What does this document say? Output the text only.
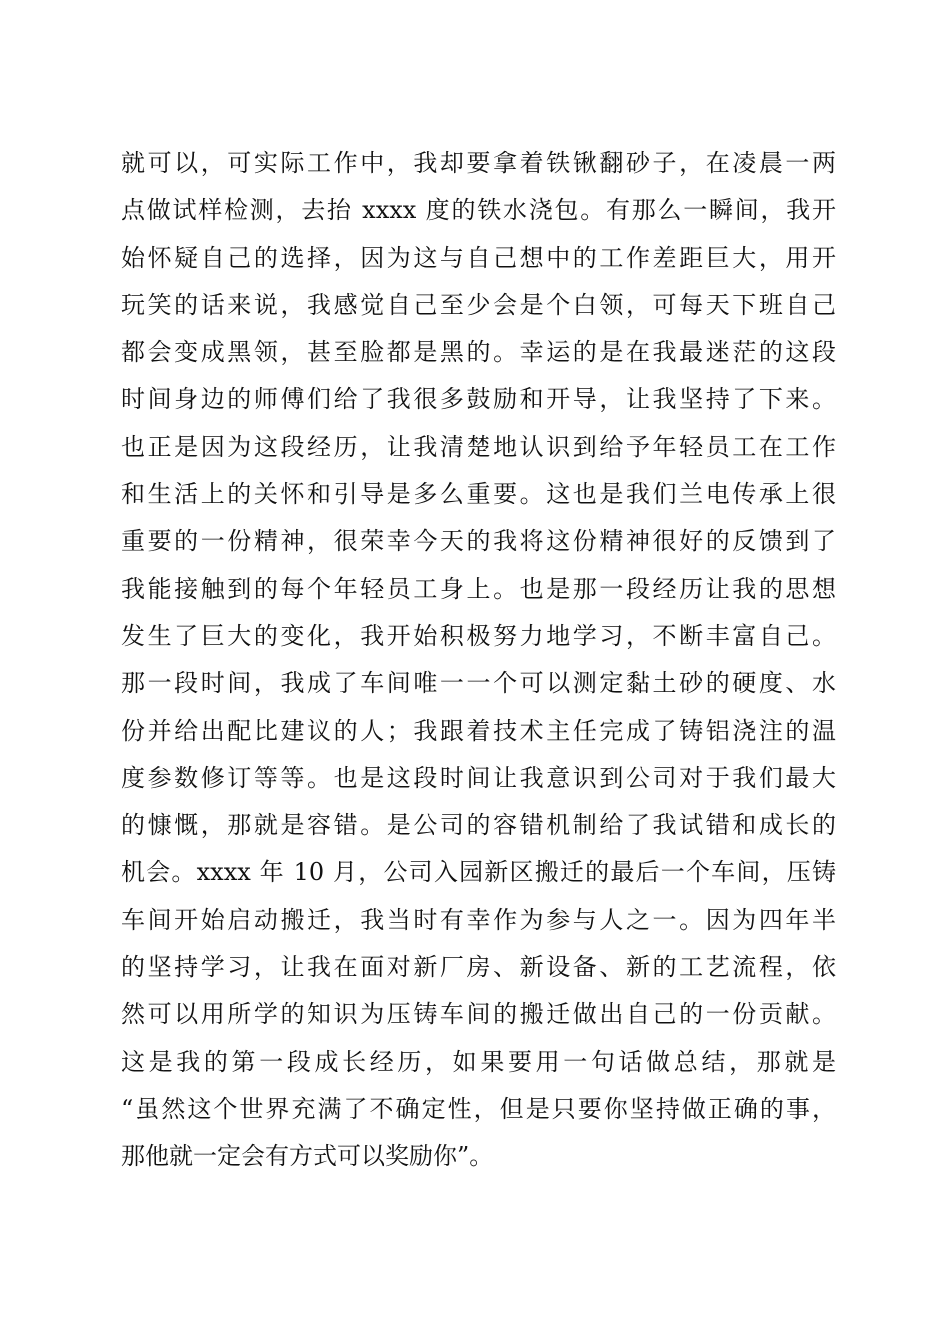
就可以，可实际工作中，我却要拿着铁锹翻砂子，在凌晨一两
点做试样检测，去抬 xxxx 度的铁水浇包。有那么一瞬间，我开
始怀疑自己的选择，因为这与自己想中的工作差距巨大，用开
玩笑的话来说，我感觉自己至少会是个白领，可每天下班自己
都会变成黑领，甚至脸都是黑的。幸运的是在我最迷茫的这段
时间身边的师傅们给了我很多鼓励和开导，让我坚持了下来。
也正是因为这段经历，让我清楚地认识到给予年轻员工在工作
和生活上的关怀和引导是多么重要。这也是我们兰电传承上很
重要的一份精神，很荣幸今天的我将这份精神很好的反馈到了
我能接触到的每个年轻员工身上。也是那一段经历让我的思想
发生了巨大的变化，我开始积极努力地学习，不断丰富自己。
那一段时间，我成了车间唯一一个可以测定黏土砂的硬度、水
份并给出配比建议的人；我跟着技术主任完成了铸铝浇注的温
度参数修订等等。也是这段时间让我意识到公司对于我们最大
的慷慨，那就是容错。是公司的容错机制给了我试错和成长的
机会。xxxx 年 10 月，公司入园新区搬迁的最后一个车间，压铸
车间开始启动搬迁，我当时有幸作为参与人之一。因为四年半
的坚持学习，让我在面对新厂房、新设备、新的工艺流程，依
然可以用所学的知识为压铸车间的搬迁做出自己的一份贡献。
这是我的第一段成长经历，如果要用一句话做总结，那就是
“虽然这个世界充满了不确定性，但是只要你坚持做正确的事，
那他就一定会有方式可以奖励你”。
